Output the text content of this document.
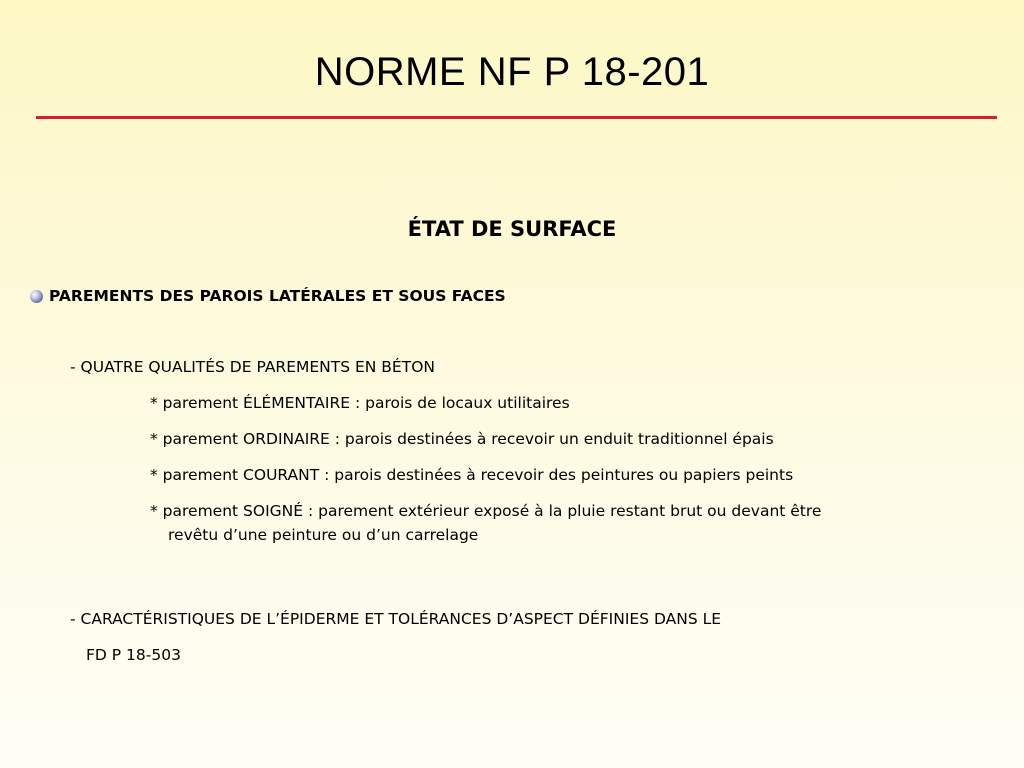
NORME NF P 18-201
ÉTAT DE SURFACE
PAREMENTS DES PAROIS LATÉRALES ET SOUS FACES
- QUATRE QUALITÉS DE PAREMENTS EN BÉTON
* parement ÉLÉMENTAIRE : parois de locaux utilitaires
* parement ORDINAIRE : parois destinées à recevoir un enduit traditionnel épais
* parement COURANT : parois destinées à recevoir des peintures ou papiers peints
* parement SOIGNÉ : parement extérieur exposé à la pluie restant brut ou devant être
revêtu d’une peinture ou d’un carrelage
- CARACTÉRISTIQUES DE L’ÉPIDERME ET TOLÉRANCES D’ASPECT DÉFINIES DANS LE
FD P 18-503
